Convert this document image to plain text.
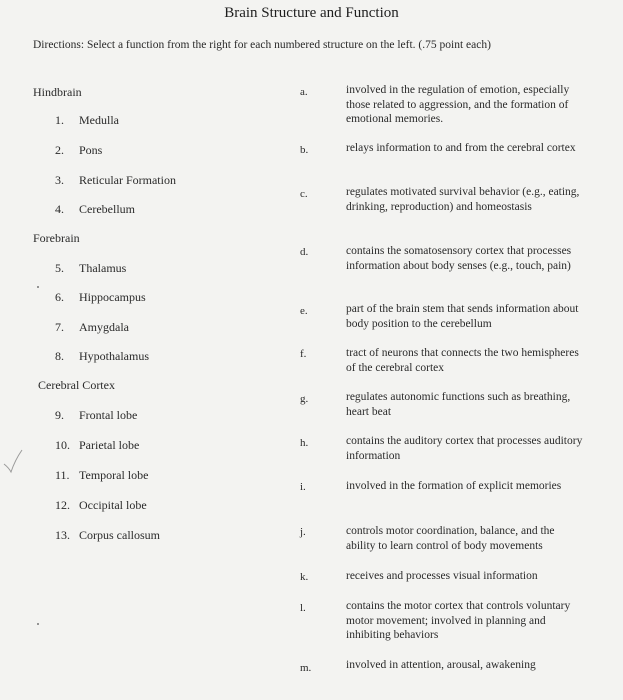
Brain Structure and Function
Directions: Select a function from the right for each numbered structure on the left. (.75 point each)
Hindbrain
1. Medulla
2. Pons
3. Reticular Formation
4. Cerebellum
Forebrain
5. Thalamus
6. Hippocampus
7. Amygdala
8. Hypothalamus
Cerebral Cortex
9. Frontal lobe
10. Parietal lobe
11. Temporal lobe
12. Occipital lobe
13. Corpus callosum
a.	involved in the regulation of emotion, especially those related to aggression, and the formation of emotional memories.
b.	relays information to and from the cerebral cortex
c.	regulates motivated survival behavior (e.g., eating, drinking, reproduction) and homeostasis
d.	contains the somatosensory cortex that processes information about body senses (e.g., touch, pain)
e.	part of the brain stem that sends information about body position to the cerebellum
f.	tract of neurons that connects the two hemispheres of the cerebral cortex
g.	regulates autonomic functions such as breathing, heart beat
h.	contains the auditory cortex that processes auditory information
i.	involved in the formation of explicit memories
j.	controls motor coordination, balance, and the ability to learn control of body movements
k.	receives and processes visual information
l.	contains the motor cortex that controls voluntary motor movement; involved in planning and inhibiting behaviors
m.	involved in attention, arousal, awakening
